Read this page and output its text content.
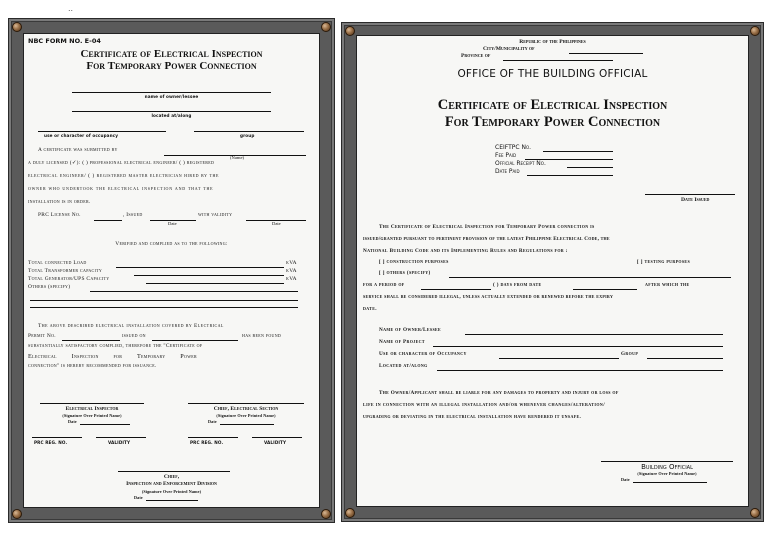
..
NBC FORM NO. E-04
Certificate of Electrical Inspection
For Temporary Power Connection
name of owner/lessee
located at/along
use or character of occupancy	group
A certificate was submitted by
(Name)
a duly licensed (✓): ( ) professional electrical engineer/ ( ) registered
electrical engineer/ ( ) registered master electrician hired by the
owner who undertook the electrical inspection and that the
installation is in order.
PRC License No.	, Issued	with validity
Date	Date
Verified and complied as to the following:
Total connected Load	kVA
Total Transformer capacity	kVA
Total Generator/UPS Capacity	kVA
Others (specify)
The above described electrical installation covered by Electrical
Permit No.	issued on	has been found
substantially satisfactory complied, therefore the "Certificate of
Electrical Inspection for Temporary Power
connection" is hereby recommended for issuance.
Electrical Inspector
(Signature Over Printed Name)
Date
PRC REG. NO.	VALIDITY
Chief, Electrical Section
(Signature Over Printed Name)
Date
PRC REG. NO.	VALIDITY
Chief,
Inspection and Enforcement Division
(Signature Over Printed Name)
Date
Republic of the Philippines
City/Municipality of
Province of
OFFICE OF THE BUILDING OFFICIAL
Certificate of Electrical Inspection
For Temporary Power Connection
CEIFTPC No.
Fee Paid
Official Receipt No.
Date Paid
Date Issued
The Certificate of Electrical Inspection for Temporary Power connection is
issued/granted pursuant to pertinent provision of the latest Philippine Electrical Code, the
National Building Code and its Implementing Rules and Regulations for :
[ ] construction purposes	[ ] testing purposes
[ ] others (specify)
for a period of	( ) days from date	after which the
service shall be considered illegal, unless actually extended or renewed before the expiry
date.
Name of Owner/Lessee
Name of Project
Use or character of Occupancy	Group
Located at/along
The Owner/Applicant shall be liable for any damages to property and injury or loss of
life in connection with an illegal installation and/or whenever changes/alteration/
upgrading or deviating in the electrical installation have rendered it unsafe.
Building Official
(Signature Over Printed Name)
Date
